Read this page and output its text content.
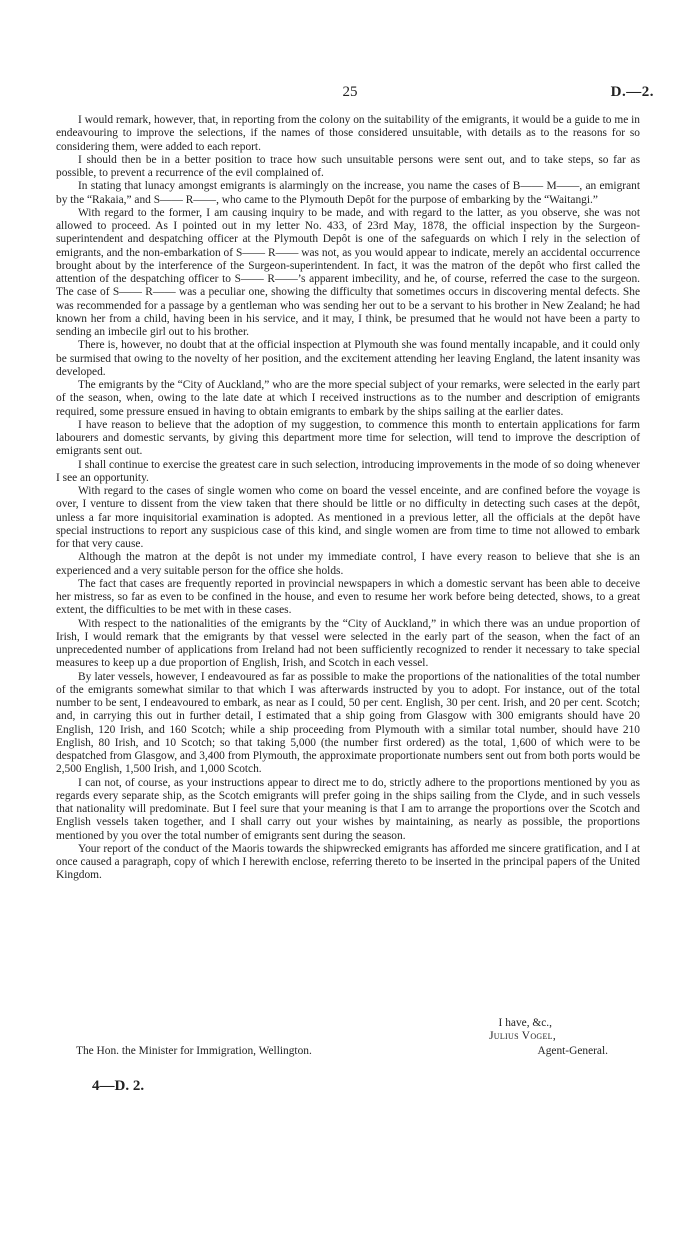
25	D.—2.

I would remark, however, that, in reporting from the colony on the suitability of the emigrants, it would be a guide to me in endeavouring to improve the selections, if the names of those considered unsuitable, with details as to the reasons for so considering them, were added to each report.

I should then be in a better position to trace how such unsuitable persons were sent out, and to take steps, so far as possible, to prevent a recurrence of the evil complained of.

In stating that lunacy amongst emigrants is alarmingly on the increase, you name the cases of B—— M——, an emigrant by the “Rakaia,” and S—— R——, who came to the Plymouth Depôt for the purpose of embarking by the “Waitangi.”

With regard to the former, I am causing inquiry to be made, and with regard to the latter, as you observe, she was not allowed to proceed. As I pointed out in my letter No. 433, of 23rd May, 1878, the official inspection by the Surgeon-superintendent and despatching officer at the Plymouth Depôt is one of the safeguards on which I rely in the selection of emigrants, and the non-embarkation of S—— R—— was not, as you would appear to indicate, merely an accidental occurrence brought about by the interference of the Surgeon-superintendent. In fact, it was the matron of the depôt who first called the attention of the despatching officer to S—— R——’s apparent imbecility, and he, of course, referred the case to the surgeon. The case of S—— R—— was a peculiar one, showing the difficulty that sometimes occurs in discovering mental defects. She was recommended for a passage by a gentleman who was sending her out to be a servant to his brother in New Zealand; he had known her from a child, having been in his service, and it may, I think, be presumed that he would not have been a party to sending an imbecile girl out to his brother.

There is, however, no doubt that at the official inspection at Plymouth she was found mentally incapable, and it could only be surmised that owing to the novelty of her position, and the excitement attending her leaving England, the latent insanity was developed.

The emigrants by the “City of Auckland,” who are the more special subject of your remarks, were selected in the early part of the season, when, owing to the late date at which I received instructions as to the number and description of emigrants required, some pressure ensued in having to obtain emigrants to embark by the ships sailing at the earlier dates.

I have reason to believe that the adoption of my suggestion, to commence this month to entertain applications for farm labourers and domestic servants, by giving this department more time for selection, will tend to improve the description of emigrants sent out.

I shall continue to exercise the greatest care in such selection, introducing improvements in the mode of so doing whenever I see an opportunity.

With regard to the cases of single women who come on board the vessel enceinte, and are confined before the voyage is over, I venture to dissent from the view taken that there should be little or no difficulty in detecting such cases at the depôt, unless a far more inquisitorial examination is adopted. As mentioned in a previous letter, all the officials at the depôt have special instructions to report any suspicious case of this kind, and single women are from time to time not allowed to embark for that very cause.

Although the matron at the depôt is not under my immediate control, I have every reason to believe that she is an experienced and a very suitable person for the office she holds.

The fact that cases are frequently reported in provincial newspapers in which a domestic servant has been able to deceive her mistress, so far as even to be confined in the house, and even to resume her work before being detected, shows, to a great extent, the difficulties to be met with in these cases.

With respect to the nationalities of the emigrants by the “City of Auckland,” in which there was an undue proportion of Irish, I would remark that the emigrants by that vessel were selected in the early part of the season, when the fact of an unprecedented number of applications from Ireland had not been sufficiently recognized to render it necessary to take special measures to keep up a due proportion of English, Irish, and Scotch in each vessel.

By later vessels, however, I endeavoured as far as possible to make the proportions of the nationalities of the total number of the emigrants somewhat similar to that which I was afterwards instructed by you to adopt. For instance, out of the total number to be sent, I endeavoured to embark, as near as I could, 50 per cent. English, 30 per cent. Irish, and 20 per cent. Scotch; and, in carrying this out in further detail, I estimated that a ship going from Glasgow with 300 emigrants should have 20 English, 120 Irish, and 160 Scotch; while a ship proceeding from Plymouth with a similar total number, should have 210 English, 80 Irish, and 10 Scotch; so that taking 5,000 (the number first ordered) as the total, 1,600 of which were to be despatched from Glasgow, and 3,400 from Plymouth, the approximate proportionate numbers sent out from both ports would be 2,500 English, 1,500 Irish, and 1,000 Scotch.

I can not, of course, as your instructions appear to direct me to do, strictly adhere to the proportions mentioned by you as regards every separate ship, as the Scotch emigrants will prefer going in the ships sailing from the Clyde, and in such vessels that nationality will predominate. But I feel sure that your meaning is that I am to arrange the proportions over the Scotch and English vessels taken together, and I shall carry out your wishes by maintaining, as nearly as possible, the proportions mentioned by you over the total number of emigrants sent during the season.

Your report of the conduct of the Maoris towards the shipwrecked emigrants has afforded me sincere gratification, and I at once caused a paragraph, copy of which I herewith enclose, referring thereto to be inserted in the principal papers of the United Kingdom.

I have, &c.,
Julius Vogel,
The Hon. the Minister for Immigration, Wellington.	Agent-General.
4—D. 2.
